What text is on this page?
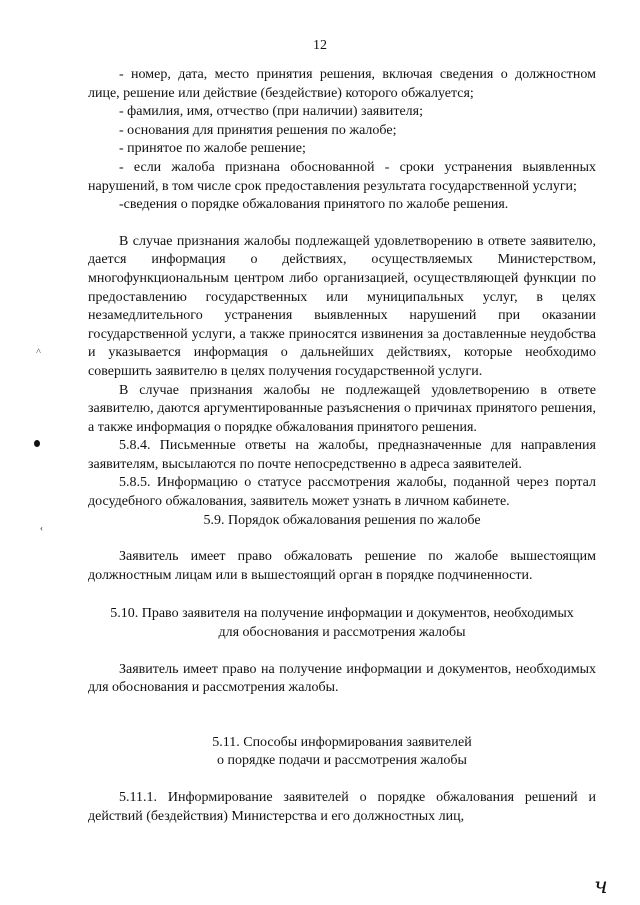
12

- номер, дата, место принятия решения, включая сведения о должностном лице, решение или действие (бездействие) которого обжалуется;

- фамилия, имя, отчество (при наличии) заявителя;

- основания для принятия решения по жалобе;

- принятое по жалобе решение;

- если жалоба признана обоснованной - сроки устранения выявленных нарушений, в том числе срок предоставления результата государственной услуги;

-сведения о порядке обжалования принятого по жалобе решения.

В случае признания жалобы подлежащей удовлетворению в ответе заявителю, дается информация о действиях, осуществляемых Министерством, многофункциональным центром либо организацией, осуществляющей функции по предоставлению государственных или муниципальных услуг, в целях незамедлительного устранения выявленных нарушений при оказании государственной услуги, а также приносятся извинения за доставленные неудобства и указывается информация о дальнейших действиях, которые необходимо совершить заявителю в целях получения государственной услуги.

В случае признания жалобы не подлежащей удовлетворению в ответе заявителю, даются аргументированные разъяснения о причинах принятого решения, а также информация о порядке обжалования принятого решения.

5.8.4. Письменные ответы на жалобы, предназначенные для направления заявителям, высылаются по почте непосредственно в адреса заявителей.

5.8.5. Информацию о статусе рассмотрения жалобы, поданной через портал досудебного обжалования, заявитель может узнать в личном кабинете.

5.9. Порядок обжалования решения по жалобе

Заявитель имеет право обжаловать решение по жалобе вышестоящим должностным лицам или в вышестоящий орган в порядке подчиненности.

5.10. Право заявителя на получение информации и документов, необходимых

для обоснования и рассмотрения жалобы

Заявитель имеет право на получение информации и документов, необходимых для обоснования и рассмотрения жалобы.

5.11. Способы информирования заявителей

о порядке подачи и рассмотрения жалобы

5.11.1. Информирование заявителей о порядке обжалования решений и действий (бездействия) Министерства и его должностных лиц,

˄
‹
ч
